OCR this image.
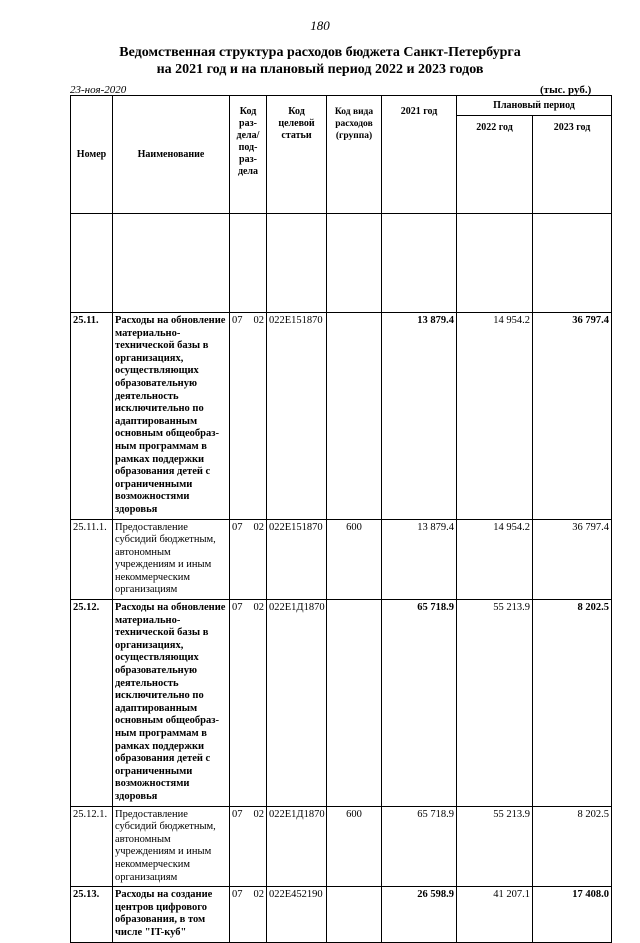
180
Ведомственная структура расходов бюджета Санкт-Петербурга
на 2021 год и на плановый период 2022 и 2023 годов
23-ноя-2020	(тыс. руб.)
Номер	Наименование	Код раз-дела/ под-раз-дела	Код целевой статьи	Код вида расходов (группа)	2021 год	Плановый период	
						2022 год	2023 год

25.11.	Расходы на обновление материально-технической базы в организациях, осуществляющих образовательную деятельность исключительно по адаптированным основным общеобраз-ным программам в рамках поддержки образования детей с ограниченными возможностями здоровья	07 02	022Е151870		13 879.4	14 954.2	36 797.4
25.11.1.	Предоставление субсидий бюджетным, автономным учреждениям и иным некоммерческим организациям	07 02	022Е151870	600	13 879.4	14 954.2	36 797.4
25.12.	Расходы на обновление материально-технической базы в организациях, осуществляющих образовательную деятельность исключительно по адаптированным основным общеобраз-ным программам в рамках поддержки образования детей с ограниченными возможностями здоровья	07 02	022Е1Д1870		65 718.9	55 213.9	8 202.5
25.12.1.	Предоставление субсидий бюджетным, автономным учреждениям и иным некоммерческим организациям	07 02	022Е1Д1870	600	65 718.9	55 213.9	8 202.5
25.13.	Расходы на создание центров цифрового образования, в том числе "IT-куб"	07 02	022Е452190		26 598.9	41 207.1	17 408.0
